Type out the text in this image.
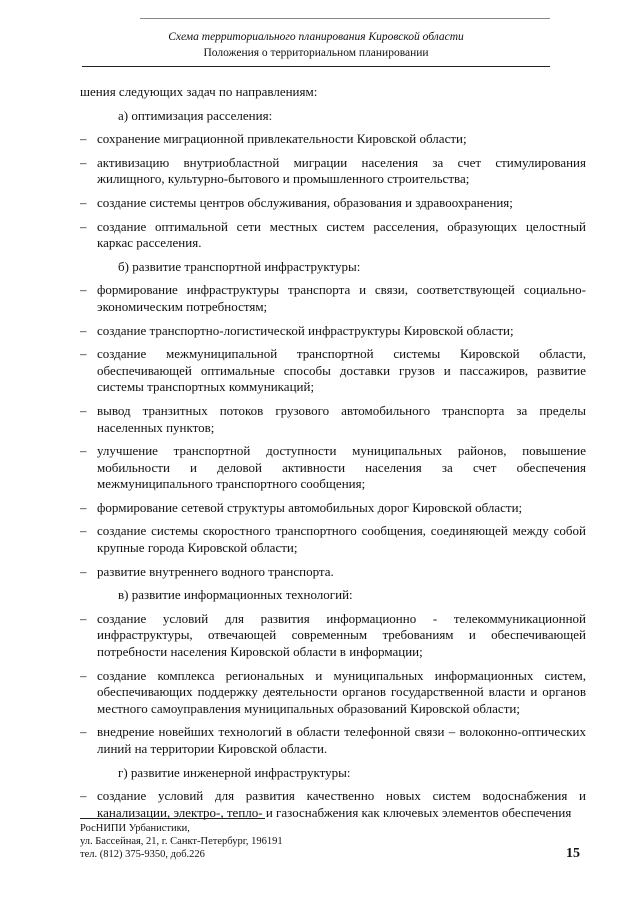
Схема территориального планирования Кировской области
Положения о территориальном планировании

шения следующих задач по направлениям:

а) оптимизация расселения:
– сохранение миграционной привлекательности Кировской области;
– активизацию внутриобластной миграции населения за счет стимулирования жилищного, культурно-бытового и промышленного строительства;
– создание системы центров обслуживания, образования и здравоохранения;
– создание оптимальной сети местных систем расселения, образующих целостный каркас расселения.
б) развитие транспортной инфраструктуры:
– формирование инфраструктуры транспорта и связи, соответствующей социально-экономическим потребностям;
– создание транспортно-логистической инфраструктуры Кировской области;
– создание межмуниципальной транспортной системы Кировской области, обеспечивающей оптимальные способы доставки грузов и пассажиров, развитие системы транспортных коммуникаций;
– вывод транзитных потоков грузового автомобильного транспорта за пределы населенных пунктов;
– улучшение транспортной доступности муниципальных районов, повышение мобильности и деловой активности населения за счет обеспечения межмуниципального транспортного сообщения;
– формирование сетевой структуры автомобильных дорог Кировской области;
– создание системы скоростного транспортного сообщения, соединяющей между собой крупные города Кировской области;
– развитие внутреннего водного транспорта.
в) развитие информационных технологий:
– создание условий для развития информационно - телекоммуникационной инфраструктуры, отвечающей современным требованиям и обеспечивающей потребности населения Кировской области в информации;
– создание комплекса региональных и муниципальных информационных систем, обеспечивающих поддержку деятельности органов государственной власти и органов местного самоуправления муниципальных образований Кировской области;
– внедрение новейших технологий в области телефонной связи – волоконно-оптических линий на территории Кировской области.
г) развитие инженерной инфраструктуры:
– создание условий для развития качественно новых систем водоснабжения и канализации, электро-, тепло- и газоснабжения как ключевых элементов обеспечения
РосНИПИ Урбанистики,
ул. Бассейная, 21, г. Санкт-Петербург, 196191
тел. (812) 375-9350, доб.226	15
